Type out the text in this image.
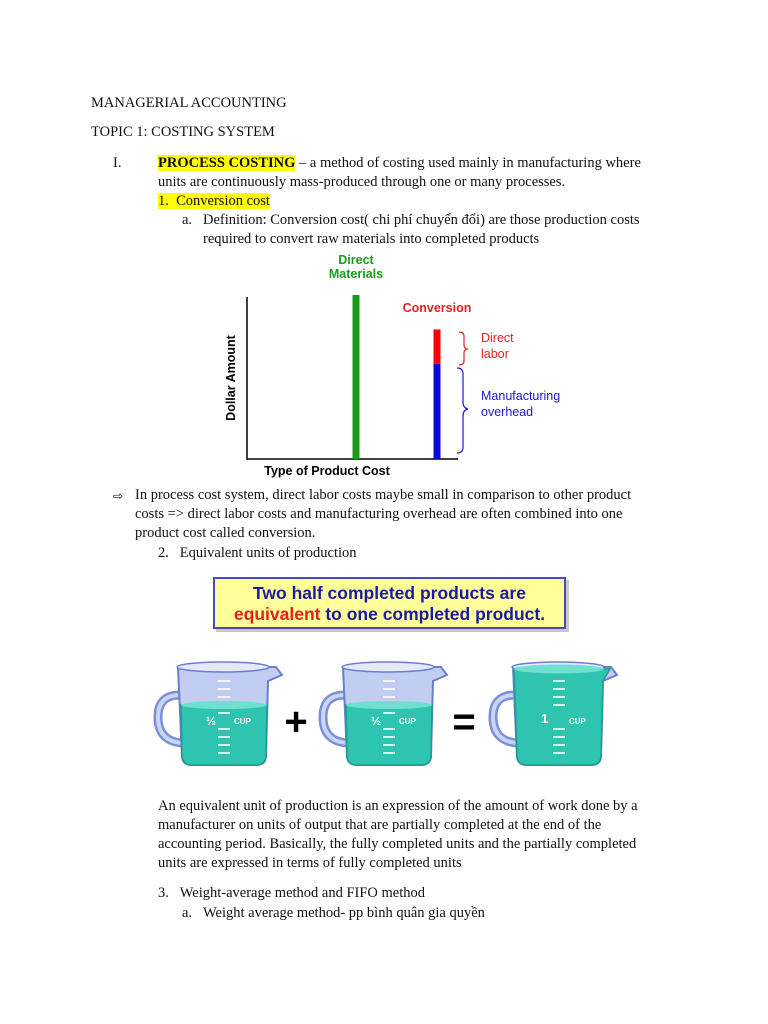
MANAGERIAL ACCOUNTING
TOPIC 1: COSTING SYSTEM
I.	PROCESS COSTING – a method of costing used mainly in manufacturing where
units are continuously mass-produced through one or many processes.
1.  Conversion cost
a. Definition: Conversion cost( chi phí chuyển đổi) are those production costs
required to convert raw materials into completed products
Dollar Amount
Type of Product Cost
Direct
Materials
Conversion
Direct
labor
Manufacturing
overhead
⇨ In process cost system, direct labor costs maybe small in comparison to other product
costs => direct labor costs and manufacturing overhead are often combined into one
product cost called conversion.
2.   Equivalent units of production
Two half completed products are
equivalent to one completed product.
½ CUP +	½ CUP =	1	CUP
An equivalent unit of production is an expression of the amount of work done by a
manufacturer on units of output that are partially completed at the end of the
accounting period. Basically, the fully completed units and the partially completed
units are expressed in terms of fully completed units
3.   Weight-average method and FIFO method
a. Weight average method- pp bình quân gia quyền
